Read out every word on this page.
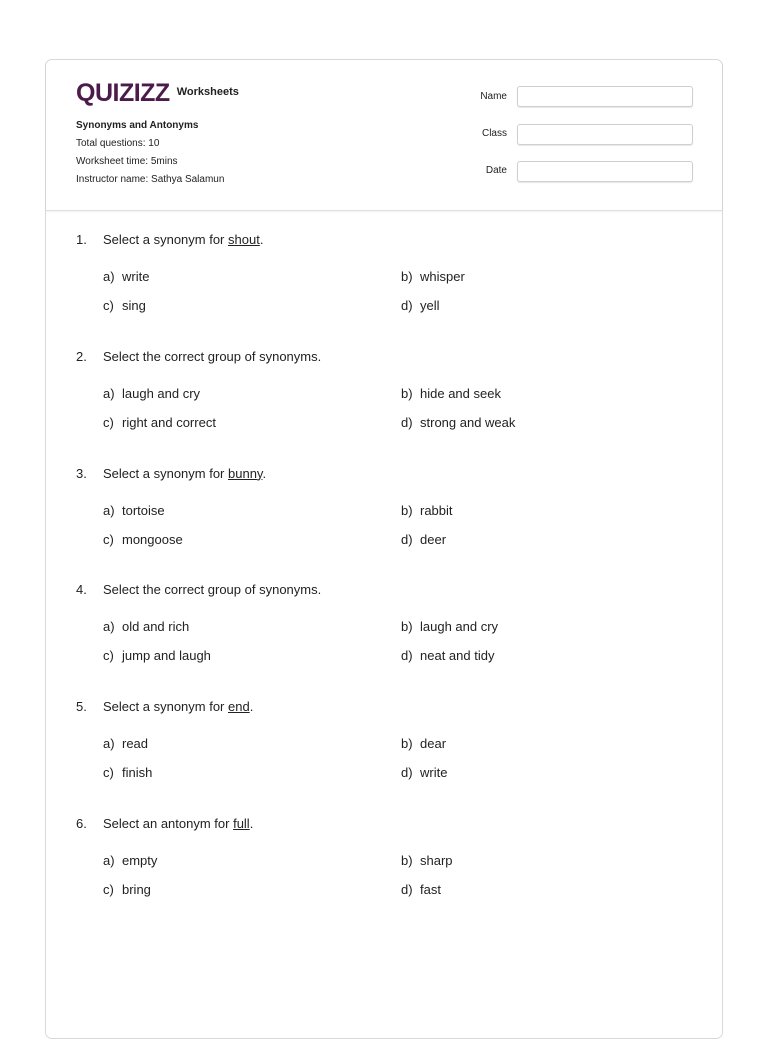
QUIZIZZ Worksheets
Synonyms and Antonyms
Total questions: 10
Worksheet time: 5mins
Instructor name: Sathya Salamun
Name
Class
Date
1. Select a synonym for shout.
a) write	b) whisper
c) sing	d) yell
2. Select the correct group of synonyms.
a) laugh and cry	b) hide and seek
c) right and correct	d) strong and weak
3. Select a synonym for bunny.
a) tortoise	b) rabbit
c) mongoose	d) deer
4. Select the correct group of synonyms.
a) old and rich	b) laugh and cry
c) jump and laugh	d) neat and tidy
5. Select a synonym for end.
a) read	b) dear
c) finish	d) write
6. Select an antonym for full.
a) empty	b) sharp
c) bring	d) fast
